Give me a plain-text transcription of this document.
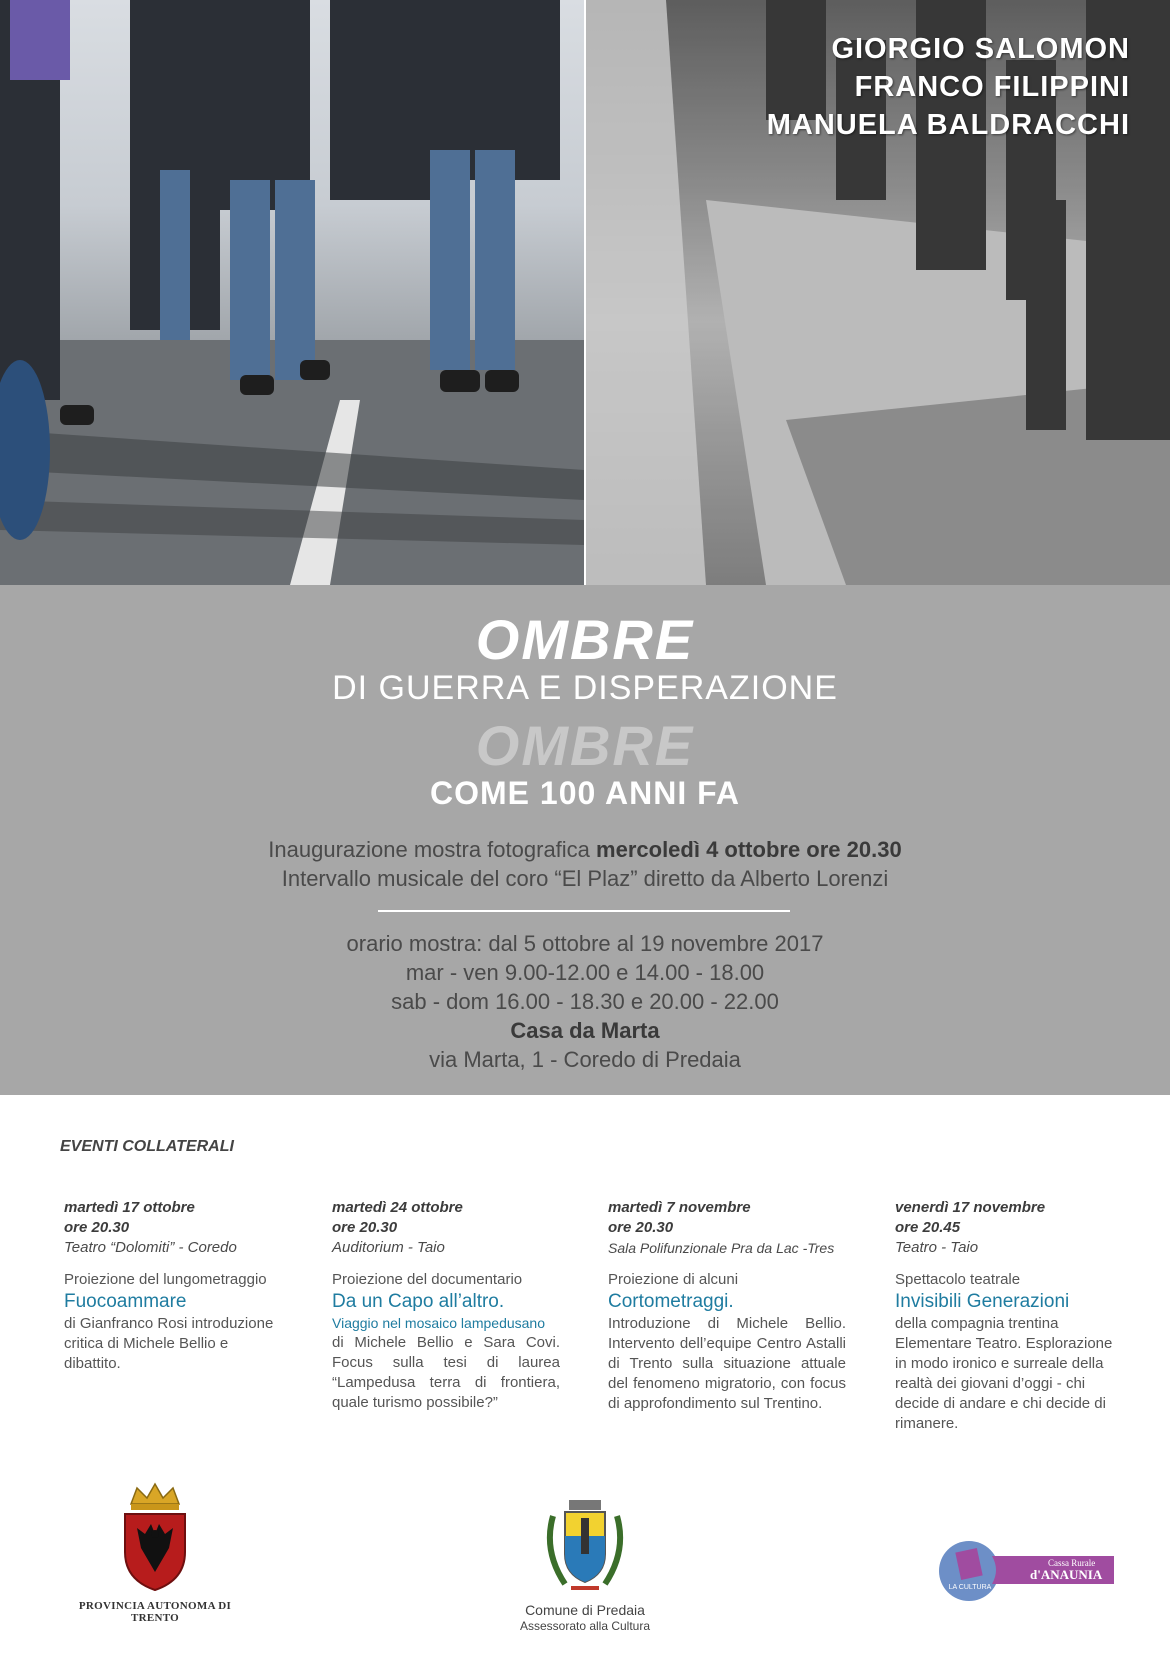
GIORGIO SALOMON
FRANCO FILIPPINI
MANUELA BALDRACCHI
OMBRE
DI GUERRA E DISPERAZIONE
OMBRE
COME 100 ANNI FA
Inaugurazione mostra fotografica mercoledì 4 ottobre ore 20.30
Intervallo musicale del coro “El Plaz” diretto da Alberto Lorenzi
orario mostra: dal 5 ottobre al 19 novembre 2017
mar - ven 9.00-12.00 e 14.00 - 18.00
sab - dom 16.00 - 18.30 e 20.00 - 22.00
Casa da Marta
via Marta, 1 - Coredo di Predaia
EVENTI COLLATERALI
martedì 17 ottobre
ore 20.30
Teatro “Dolomiti” - Coredo
Proiezione del lungometraggio
Fuocoammare
di Gianfranco Rosi introduzione critica di Michele Bellio e dibattito.
martedì 24 ottobre
ore 20.30
Auditorium - Taio
Proiezione del documentario
Da un Capo all’altro.
Viaggio nel mosaico lampedusano
di Michele Bellio e Sara Covi. Focus sulla tesi di laurea “Lampedusa terra di frontiera, quale turismo possibile?”
martedì 7 novembre
ore 20.30
Sala Polifunzionale Pra da Lac -Tres
Proiezione di alcuni
Cortometraggi.
Introduzione di Michele Bellio. Intervento dell’equipe Centro Astalli di Trento sulla situazione attuale del fenomeno migratorio, con focus di approfondimento sul Trentino.
venerdì 17 novembre
ore 20.45
Teatro - Taio
Spettacolo teatrale
Invisibili Generazioni
della compagnia trentina Elementare Teatro. Esplorazione in modo ironico e surreale della realtà dei giovani d’oggi - chi decide di andare e chi decide di rimanere.
PROVINCIA AUTONOMA DI TRENTO	Comune di Predaia
Assessorato alla Cultura
LA CULTURA
Cassa Rurale
d'ANAUNIA
